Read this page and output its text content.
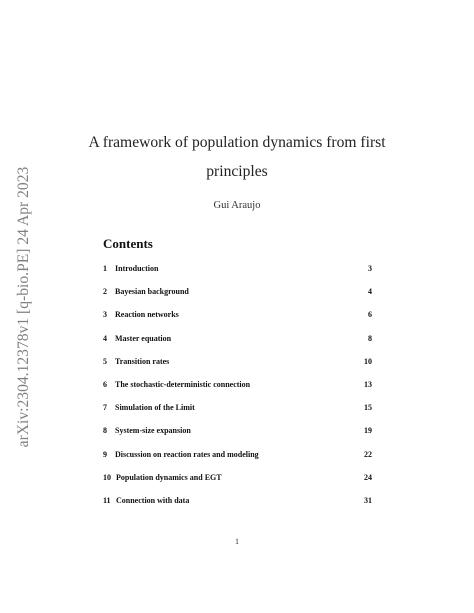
arXiv:2304.12378v1 [q-bio.PE] 24 Apr 2023
A framework of population dynamics from first
principles
Gui Araujo
Contents
1 Introduction	3
2 Bayesian background	4
3 Reaction networks	6
4 Master equation	8
5 Transition rates	10
6 The stochastic-deterministic connection	13
7 Simulation of the Limit	15
8 System-size expansion	19
9 Discussion on reaction rates and modeling	22
10 Population dynamics and EGT	24
11 Connection with data	31
1
